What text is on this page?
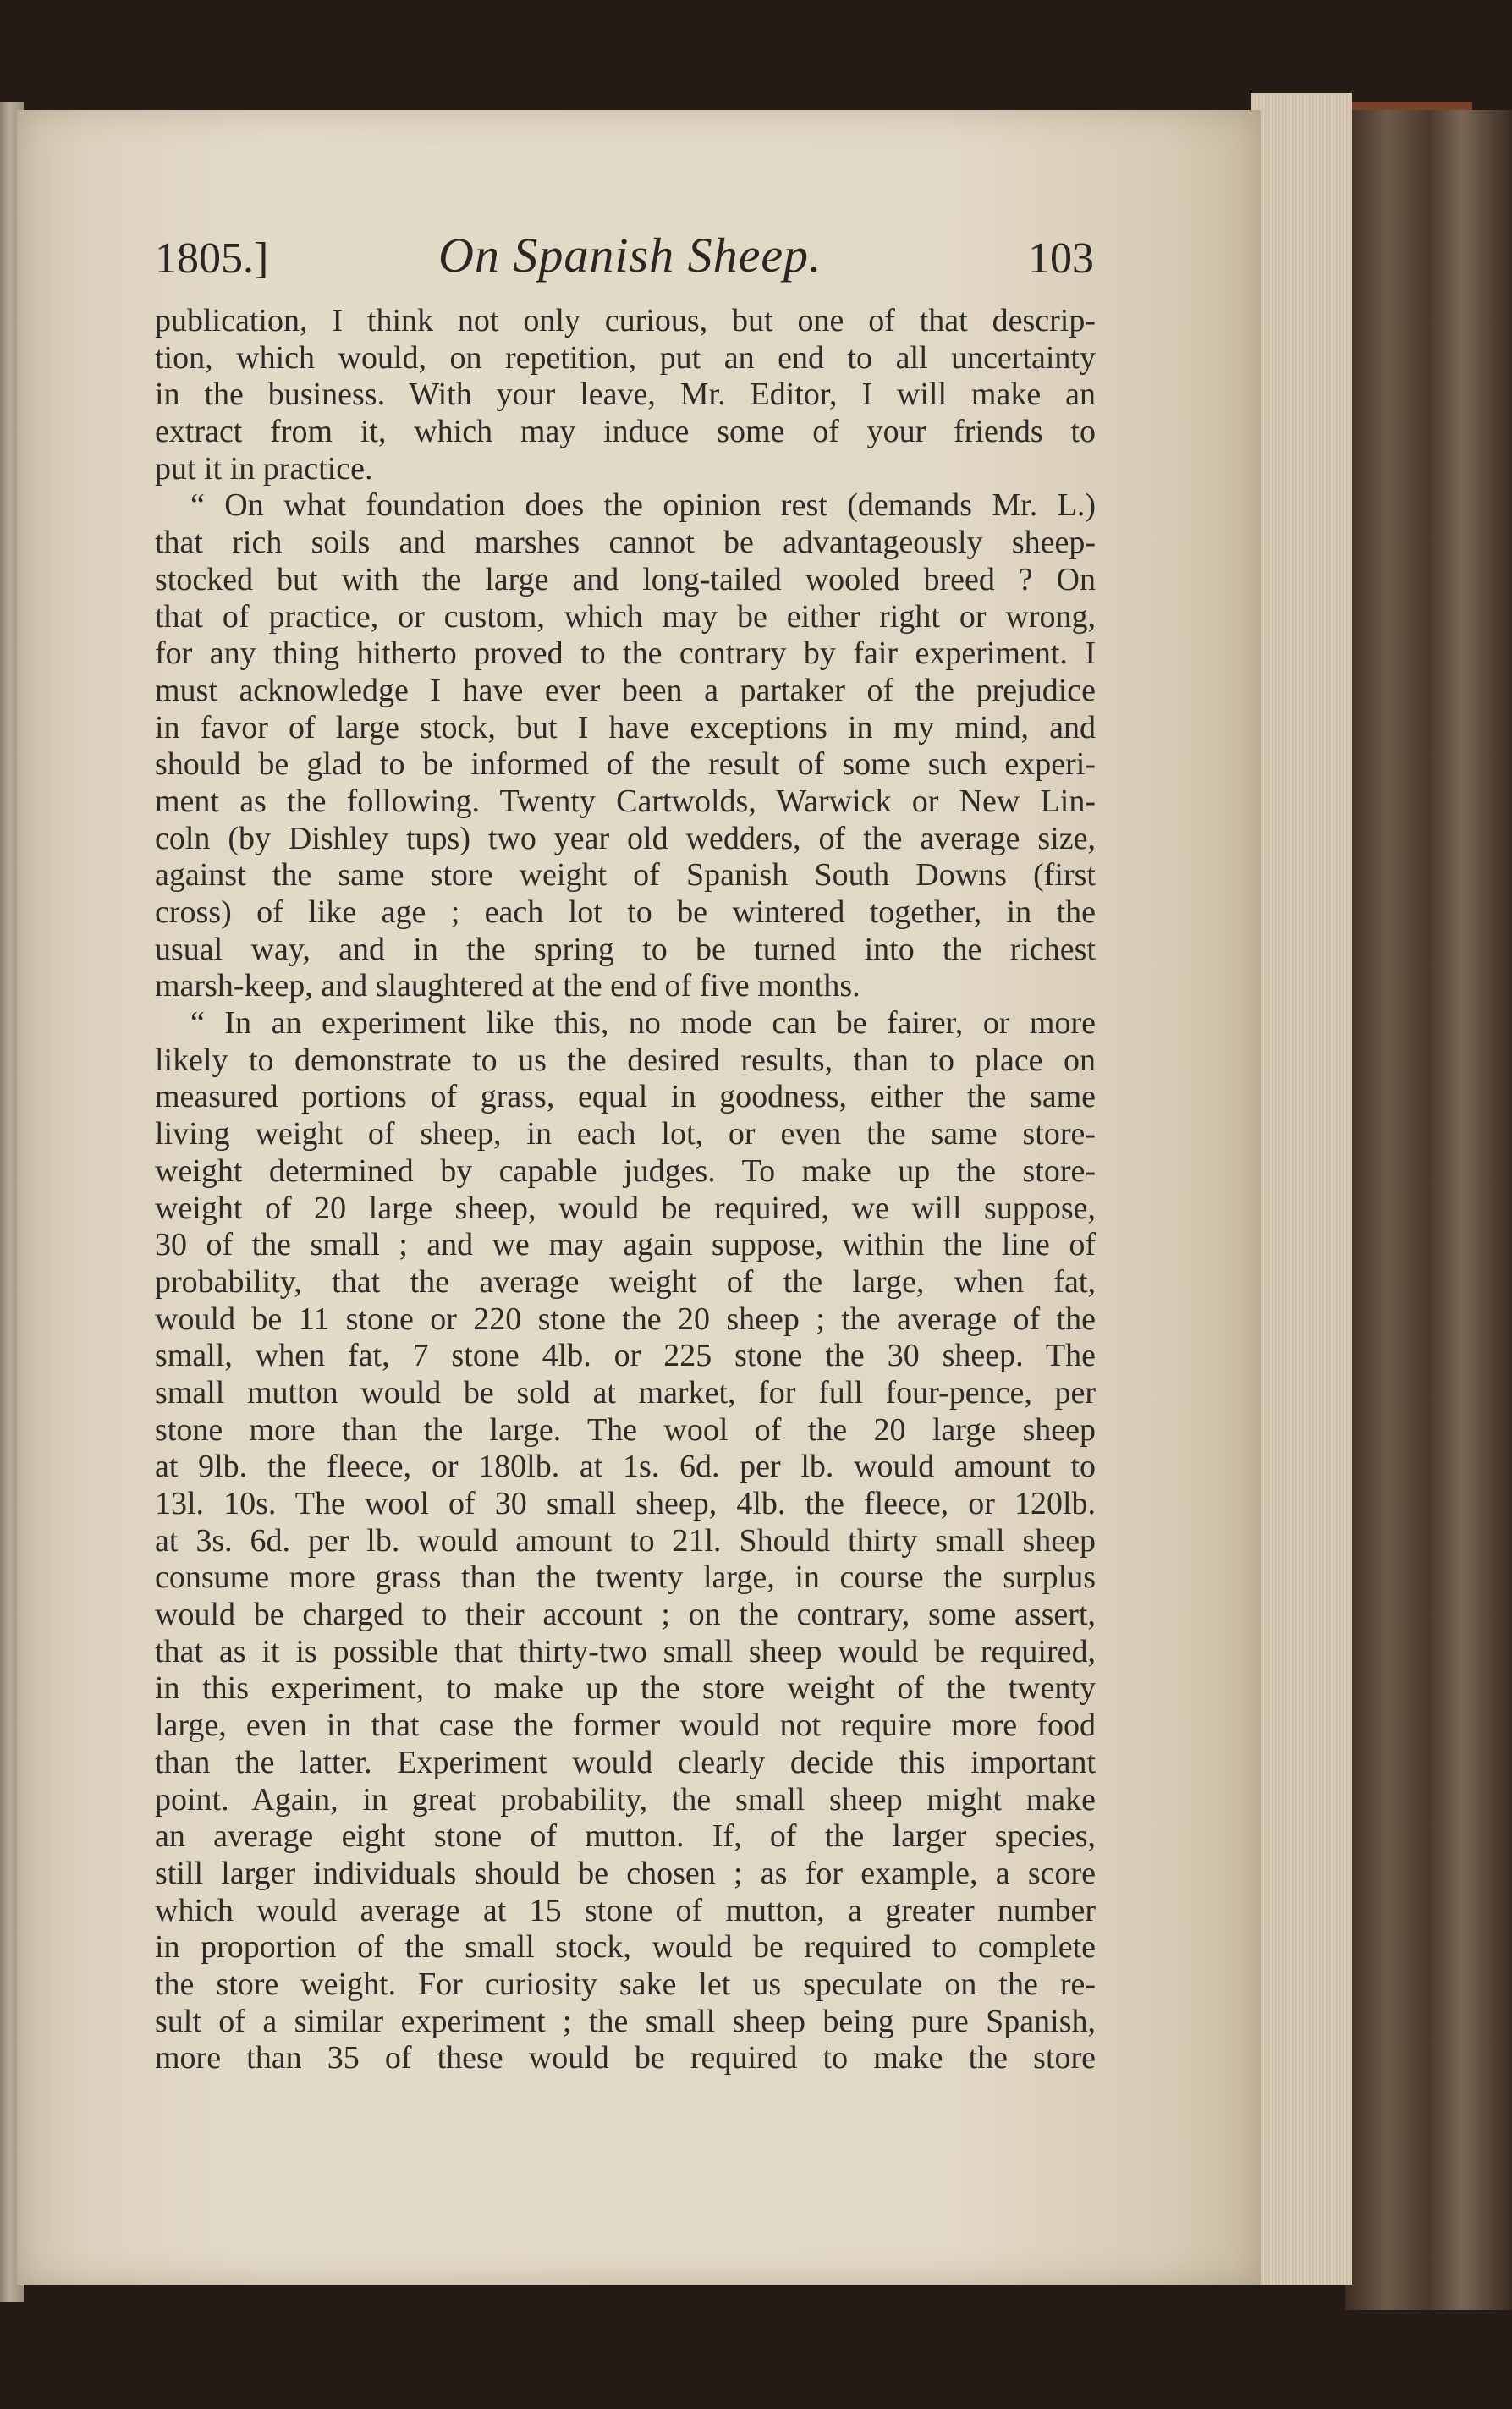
1805.]	On Spanish Sheep.	103
publication, I think not only curious, but one of that descrip-
tion, which would, on repetition, put an end to all uncertainty
in the business. With your leave, Mr. Editor, I will make an
extract from it, which may induce some of your friends to
put it in practice.
“ On what foundation does the opinion rest (demands Mr. L.)
that rich soils and marshes cannot be advantageously sheep-
stocked but with the large and long-tailed wooled breed ? On
that of practice, or custom, which may be either right or wrong,
for any thing hitherto proved to the contrary by fair experiment. I
must acknowledge I have ever been a partaker of the prejudice
in favor of large stock, but I have exceptions in my mind, and
should be glad to be informed of the result of some such experi-
ment as the following. Twenty Cartwolds, Warwick or New Lin-
coln (by Dishley tups) two year old wedders, of the average size,
against the same store weight of Spanish South Downs (first
cross) of like age ; each lot to be wintered together, in the
usual way, and in the spring to be turned into the richest
marsh-keep, and slaughtered at the end of five months.
“ In an experiment like this, no mode can be fairer, or more
likely to demonstrate to us the desired results, than to place on
measured portions of grass, equal in goodness, either the same
living weight of sheep, in each lot, or even the same store-
weight determined by capable judges. To make up the store-
weight of 20 large sheep, would be required, we will suppose,
30 of the small ; and we may again suppose, within the line of
probability, that the average weight of the large, when fat,
would be 11 stone or 220 stone the 20 sheep ; the average of the
small, when fat, 7 stone 4lb. or 225 stone the 30 sheep. The
small mutton would be sold at market, for full four-pence, per
stone more than the large. The wool of the 20 large sheep
at 9lb. the fleece, or 180lb. at 1s. 6d. per lb. would amount to
13l. 10s. The wool of 30 small sheep, 4lb. the fleece, or 120lb.
at 3s. 6d. per lb. would amount to 21l. Should thirty small sheep
consume more grass than the twenty large, in course the surplus
would be charged to their account ; on the contrary, some assert,
that as it is possible that thirty-two small sheep would be required,
in this experiment, to make up the store weight of the twenty
large, even in that case the former would not require more food
than the latter. Experiment would clearly decide this important
point. Again, in great probability, the small sheep might make
an average eight stone of mutton. If, of the larger species,
still larger individuals should be chosen ; as for example, a score
which would average at 15 stone of mutton, a greater number
in proportion of the small stock, would be required to complete
the store weight. For curiosity sake let us speculate on the re-
sult of a similar experiment ; the small sheep being pure Spanish,
more than 35 of these would be required to make the store
